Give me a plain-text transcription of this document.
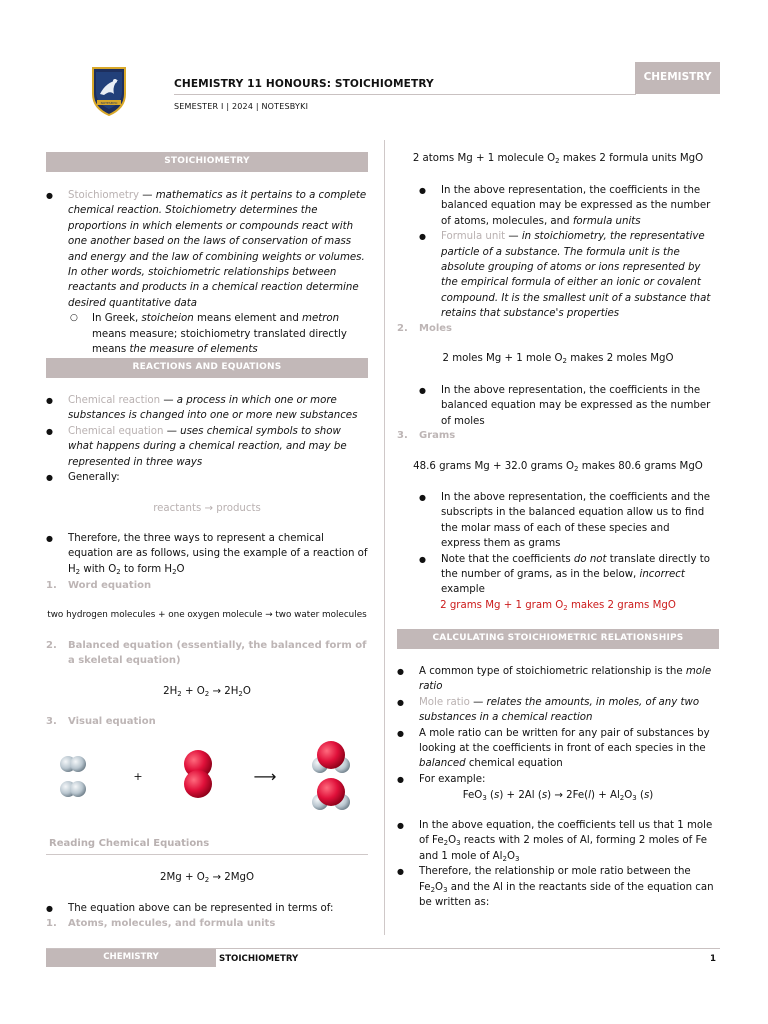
NOTESBYKI
CHEMISTRY 11 HONOURS: STOICHIOMETRY
SEMESTER I | 2024 | NOTESBYKI
CHEMISTRY
STOICHIOMETRY
● Stoichiometry — mathematics as it pertains to a complete chemical reaction. Stoichiometry determines the proportions in which elements or compounds react with one another based on the laws of conservation of mass and energy and the law of combining weights or volumes. In other words, stoichiometric relationships between reactants and products in a chemical reaction determine desired quantitative data
○ In Greek, stoicheion means element and metron means measure; stoichiometry translated directly means the measure of elements
REACTIONS AND EQUATIONS
● Chemical reaction — a process in which one or more substances is changed into one or more new substances
● Chemical equation — uses chemical symbols to show what happens during a chemical reaction, and may be represented in three ways
● Generally:
reactants → products
● Therefore, the three ways to represent a chemical equation are as follows, using the example of a reaction of $H_2$ with $O_2$ to form $H_2O$
1. Word equation
two hydrogen molecules + one oxygen molecule → two water molecules
2.	Balanced equation (essentially, the balanced form of a skeletal equation)
$2H_2 + O_2 \to 2H_2O$
3. Visual equation
+	⟶
Reading Chemical Equations
$2Mg + O_2 \to 2MgO$
● The equation above can be represented in terms of:
1. Atoms, molecules, and formula units
2 atoms Mg + 1 molecule $O_2$ makes 2 formula units MgO
● In the above representation, the coefficients in the balanced equation may be expressed as the number of atoms, molecules, and formula units
● Formula unit — in stoichiometry, the representative particle of a substance. The formula unit is the absolute grouping of atoms or ions represented by the empirical formula of either an ionic or covalent compound. It is the smallest unit of a substance that retains that substance's properties
2. Moles
2 moles Mg + 1 mole $O_2$ makes 2 moles MgO
● In the above representation, the coefficients in the balanced equation may be expressed as the number of moles
3. Grams
48.6 grams Mg + 32.0 grams $O_2$ makes 80.6 grams MgO
● In the above representation, the coefficients and the subscripts in the balanced equation allow us to find the molar mass of each of these species and express them as grams
● Note that the coefficients do not translate directly to the number of grams, as in the below, incorrect example
2 grams Mg + 1 gram $O_2$ makes 2 grams MgO
CALCULATING STOICHIOMETRIC RELATIONSHIPS
● A common type of stoichiometric relationship is the mole ratio
● Mole ratio — relates the amounts, in moles, of any two substances in a chemical reaction
● A mole ratio can be written for any pair of substances by looking at the coefficients in front of each species in the balanced chemical equation
● For example:
FeO$_3$ (s) + 2Al $(s) \to 2Fe(l) + Al_2O_3$ (s)
● In the above equation, the coefficients tell us that 1 mole of $Fe_2O_3$ reacts with 2 moles of Al, forming 2 moles of Fe and 1 mole of $Al_2O_3$
● Therefore, the relationship or mole ratio between the $Fe_2O_3$ and the Al in the reactants side of the equation can be written as:
CHEMISTRY	STOICHIOMETRY	1
